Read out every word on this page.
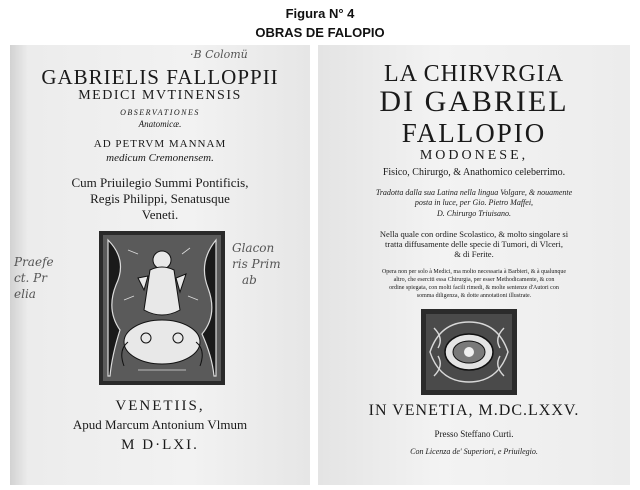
Figura N° 4
OBRAS DE FALOPIO
GABRIELIS FALLOPPII
MEDICI MVTINENSIS
OBSERVATIONES
Anatomicæ.
AD PETRVM MANNAM
medicum Cremonensem.
Cum Priuilegio Summi Pontificis,
Regis Philippi, Senatusque
Veneti.
VENETIIS,
Apud Marcum Antonium Vlmum
M D·LXI.
·B Colomü
Praefe
ct. Pr
elia
Glacon
ris Prim
ab
LA CHIRVRGIA
DI GABRIEL
FALLOPIO
MODONESE,
Fisico, Chirurgo, & Anathomico celeberrimo.
Tradotta dalla sua Latina nella lingua Volgare, & nouamente
posta in luce, per Gio. Pietro Maffei,
D. Chirurgo Triuisano.
Nella quale con ordine Scolastico, & molto singolare si
tratta diffusamente delle specie di Tumori, di Vlceri,
& di Ferite.
Opera non per solo à Medici, ma molto necessaria à Barbieri, & à qualunque
altro, che eserciti essa Chirurgia, per esser Methodicamente, & con
ordine spiegata, con molti facili rimedi, & molte sentenze d'Autori con
somma diligenza, & dotte annotationi illustrate.
IN VENETIA, M.DC.LXXV.
Presso Steffano Curti.
Con Licenza de' Superiori, e Priuilegio.
